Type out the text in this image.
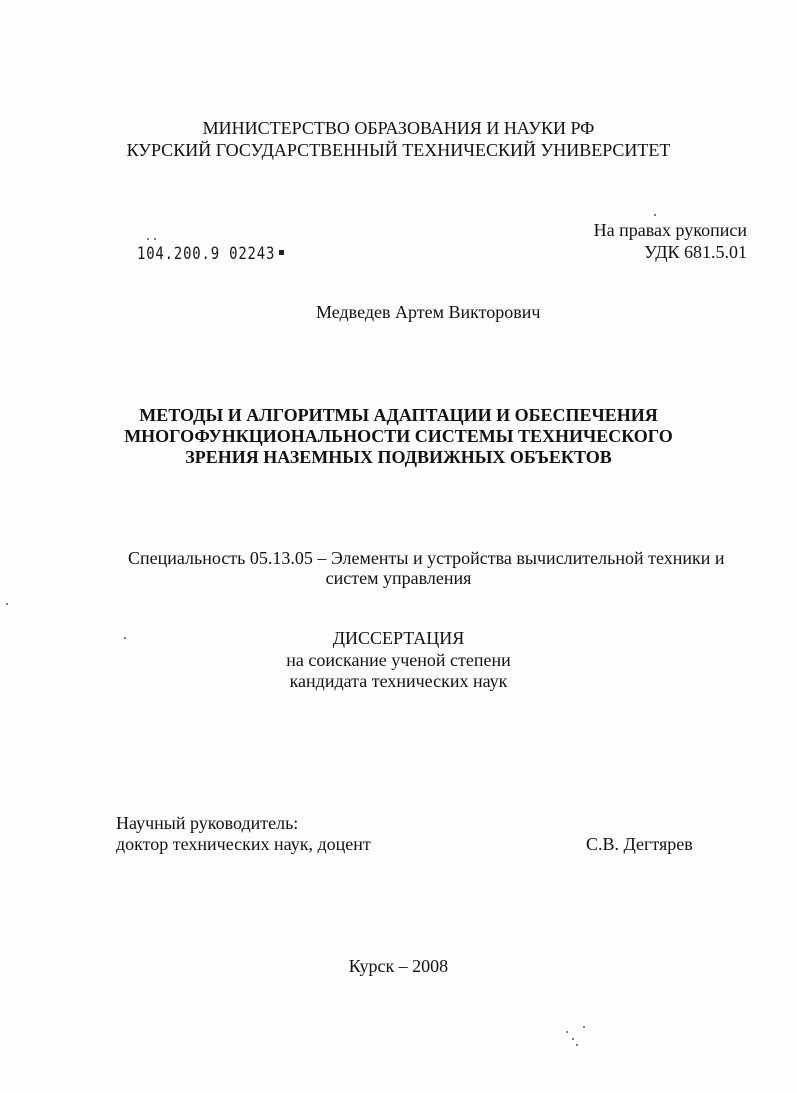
МИНИСТЕРСТВО ОБРАЗОВАНИЯ И НАУКИ РФ
КУРСКИЙ ГОСУДАРСТВЕННЫЙ ТЕХНИЧЕСКИЙ УНИВЕРСИТЕТ
На правах рукописи
УДК 681.5.01
104.200.9 02243
Медведев Артем Викторович
МЕТОДЫ И АЛГОРИТМЫ АДАПТАЦИИ И ОБЕСПЕЧЕНИЯ
МНОГОФУНКЦИОНАЛЬНОСТИ СИСТЕМЫ ТЕХНИЧЕСКОГО
ЗРЕНИЯ НАЗЕМНЫХ ПОДВИЖНЫХ ОБЪЕКТОВ
Специальность 05.13.05 – Элементы и устройства вычислительной техники и
систем управления
ДИССЕРТАЦИЯ
на соискание ученой степени
кандидата технических наук
Научный руководитель:
доктор технических наук, доцент	С.В. Дегтярев
Курск – 2008
